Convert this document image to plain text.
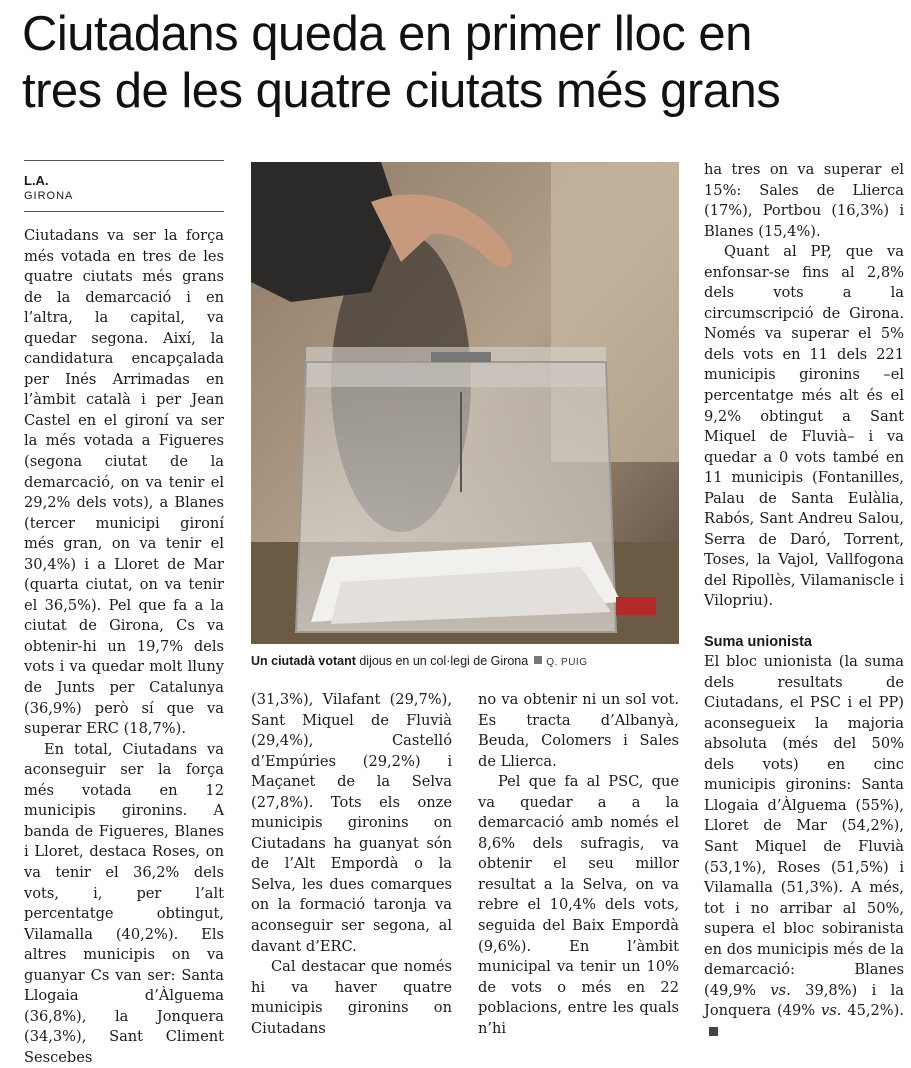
Ciutadans queda en primer lloc en
tres de les quatre ciutats més grans
L.A.
GIRONA

Ciutadans va ser la força més votada en tres de les quatre ciutats més grans de la demarcació i en l’altra, la capital, va quedar segona. Així, la candidatura encapçalada per Inés Arrimadas en l’àmbit català i per Jean Castel en el gironí va ser la més votada a Figueres (segona ciutat de la demarcació, on va tenir el 29,2% dels vots), a Blanes (tercer municipi gironí més gran, on va tenir el 30,4%) i a Lloret de Mar (quarta ciutat, on va tenir el 36,5%). Pel que fa a la ciutat de Girona, Cs va obtenir-hi un 19,7% dels vots i va quedar molt lluny de Junts per Catalunya (36,9%) però sí que va superar ERC (18,7%).

En total, Ciutadans va aconseguir ser la força més votada en 12 municipis gironins. A banda de Figueres, Blanes i Lloret, destaca Roses, on va tenir el 36,2% dels vots, i, per l’alt percentatge obtingut, Vilamalla (40,2%). Els altres municipis on va guanyar Cs van ser: Santa Llogaia d’Àlguema (36,8%), la Jonquera (34,3%), Sant Climent Sescebes

Un ciutadà votant dijous en un col·legi de Girona Q. PUIG

(31,3%), Vilafant (29,7%), Sant Miquel de Fluvià (29,4%), Castelló d’Empúries (29,2%) i Maçanet de la Selva (27,8%). Tots els onze municipis gironins on Ciutadans ha guanyat són de l’Alt Empordà o la Selva, les dues comarques on la formació taronja va aconseguir ser segona, al davant d’ERC.

Cal destacar que només hi va haver quatre municipis gironins on Ciutadans

no va obtenir ni un sol vot. Es tracta d’Albanyà, Beuda, Colomers i Sales de Llierca.

Pel que fa al PSC, que va quedar a a la demarcació amb només el 8,6% dels sufragis, va obtenir el seu millor resultat a la Selva, on va rebre el 10,4% dels vots, seguida del Baix Empordà (9,6%). En l’àmbit municipal va tenir un 10% de vots o més en 22 poblacions, entre les quals n’hi

ha tres on va superar el 15%: Sales de Llierca (17%), Portbou (16,3%) i Blanes (15,4%).

Quant al PP, que va enfonsar-se fins al 2,8% dels vots a la circumscripció de Girona. Només va superar el 5% dels vots en 11 dels 221 municipis gironins –el percentatge més alt és el 9,2% obtingut a Sant Miquel de Fluvià– i va quedar a 0 vots també en 11 municipis (Fontanilles, Palau de Santa Eulàlia, Rabós, Sant Andreu Salou, Serra de Daró, Torrent, Toses, la Vajol, Vallfogona del Ripollès, Vilamaniscle i Vilopriu).

Suma unionista

El bloc unionista (la suma dels resultats de Ciutadans, el PSC i el PP) aconsegueix la majoria absoluta (més del 50% dels vots) en cinc municipis gironins: Santa Llogaia d’Àlguema (55%), Lloret de Mar (54,2%), Sant Miquel de Fluvià (53,1%), Roses (51,5%) i Vilamalla (51,3%). A més, tot i no arribar al 50%, supera el bloc sobiranista en dos municipis més de la demarcació: Blanes (49,9% vs. 39,8%) i la Jonquera (49% vs. 45,2%).
